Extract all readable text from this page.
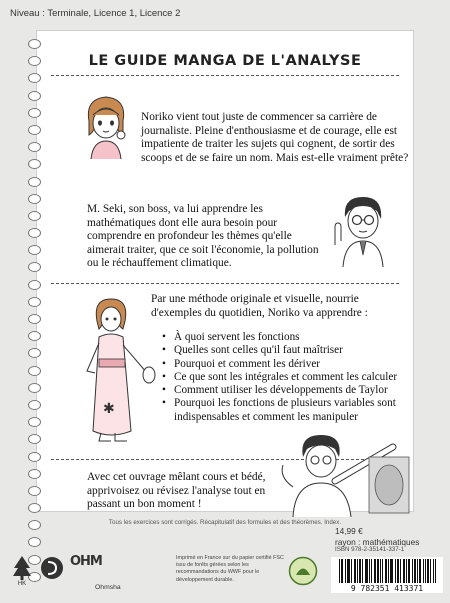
Niveau : Terminale, Licence 1, Licence 2
LE GUIDE MANGA DE L'ANALYSE
Noriko vient tout juste de commencer sa carrière de journaliste. Pleine d'enthousiasme et de courage, elle est impatiente de traiter les sujets qui cognent, de sortir des scoops et de se faire un nom. Mais est-elle vraiment prête?
M. Seki, son boss, va lui apprendre les mathématiques dont elle aura besoin pour comprendre en profondeur les thèmes qu'elle aimerait traiter, que ce soit l'économie, la pollution ou le réchauffement climatique.
✱
Par une méthode originale et visuelle, nourrie d'exemples du quotidien, Noriko va apprendre :
• À quoi servent les fonctions
• Quelles sont celles qu'il faut maîtriser
• Pourquoi et comment les dériver
• Ce que sont les intégrales et comment les calculer
• Comment utiliser les développements de Taylor
• Pourquoi les fonctions de plusieurs variables sont indispensables et comment les manipuler
Avec cet ouvrage mêlant cours et bédé, apprivoisez ou révisez l'analyse tout en passant un bon moment !
Tous les exercices sont corrigés. Récapitulatif des formules et des théorèmes. Index.
HK
OHM
Ohmsha
Imprimé en France sur du papier certifié FSC issu de forêts gérées selon les recommandations du WWF pour le développement durable.
14,99 €
rayon : mathématiques
ISBN 978-2-35141-337-1
9 782351 413371
